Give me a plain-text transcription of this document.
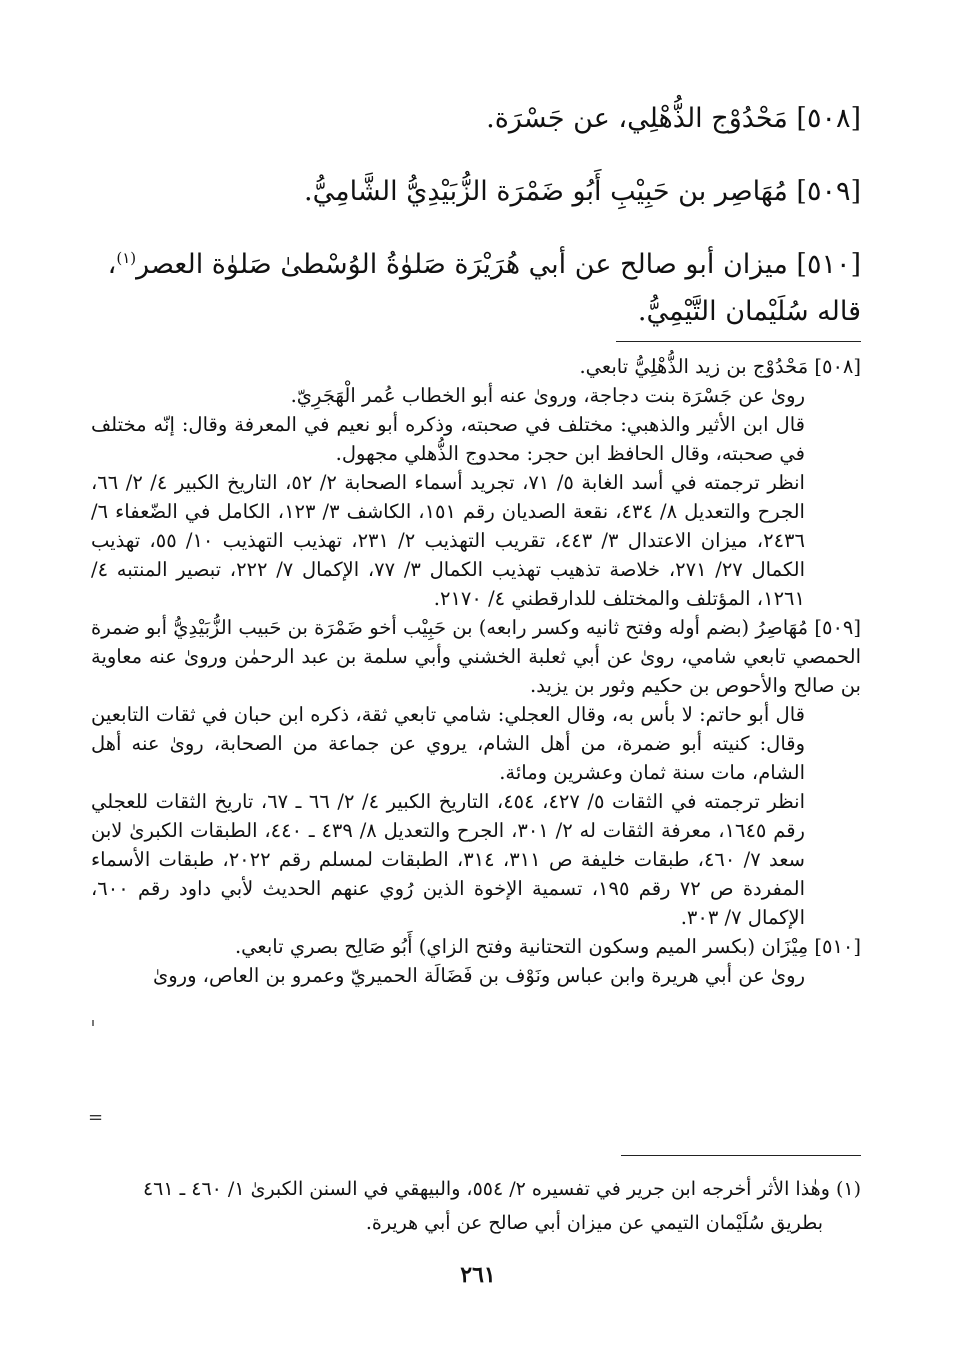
[٥٠٨] مَحْدُوْج الذُّهْلِي، عن جَسْرَة.

[٥٠٩] مُهَاصِر بن حَبِيْبِ أَبُو ضَمْرَة الزُّبَيْدِيُّ الشَّامِيُّ.

[٥١٠] ميزان أبو صالح عن أبي هُرَيْرَة صَلوٰةُ الوُسْطىٰ صَلوٰة العصر$^{(١)}$،
قاله سُلَيْمان التَّيْمِيُّ.

[٥٠٨] مَحْدُوْج بن زيد الذُّهْلِيُّ تابعي.

رویٰ عن جَسْرَة بنت دجاجة، ورویٰ عنه أبو الخطاب عُمر الْهَجَرِيّ.

قال ابن الأثير والذهبي: مختلف في صحبته، وذكره أبو نعيم في المعرفة وقال: إنّه مختلف في صحبته، وقال الحافظ ابن حجر: محدوج الذُّهلي مجهول.

انظر ترجمته في أسد الغابة ٥/ ٧١، تجريد أسماء الصحابة ٢/ ٥٢، التاريخ الكبير ٤/ ٢/ ٦٦، الجرح والتعديل ٨/ ٤٣٤، نقعة الصديان رقم ١٥١، الكاشف ٣/ ١٢٣، الكامل في الضّعفاء ٦/ ٢٤٣٦، ميزان الاعتدال ٣/ ٤٤٣، تقريب التهذيب ٢/ ٢٣١، تهذيب التهذيب ١٠/ ٥٥، تهذيب الكمال ٢٧/ ٢٧١، خلاصة تذهيب تهذيب الكمال ٣/ ٧٧، الإكمال ٧/ ٢٢٢، تبصير المنتبه ٤/ ١٢٦١، المؤتلف والمختلف للدارقطني ٤/ ٢١٧٠.

[٥٠٩] مُهَاصِرُ (بضم أوله وفتح ثانيه وكسر رابعه) بن حَبِيْب أخو ضَمْرَة بن حَبيب الزُّبَيْدِيُّ أبو ضمرة الحمصي تابعي شامي، رویٰ عن أبي ثعلبة الخشني وأبي سلمة بن عبد الرحمٰن ورویٰ عنه معاوية بن صالح والأحوص بن حكيم وثور بن يزيد.

قال أبو حاتم: لا بأس به، وقال العجلي: شامي تابعي ثقة، ذكره ابن حبان في ثقات التابعين وقال: كنيته أبو ضمرة، من أهل الشام، يروي عن جماعة من الصحابة، رویٰ عنه أهل الشام، مات سنة ثمان وعشرين ومائة.

انظر ترجمته في الثقات ٥/ ٤٢٧، ٤٥٤، التاريخ الكبير ٤/ ٢/ ٦٦ ـ ٦٧، تاريخ الثقات للعجلي رقم ١٦٤٥، معرفة الثقات له ٢/ ٣٠١، الجرح والتعديل ٨/ ٤٣٩ ـ ٤٤٠، الطبقات الكبرىٰ لابن سعد ٧/ ٤٦٠، طبقات خليفة ص ٣١١، ٣١٤، الطبقات لمسلم رقم ٢٠٢٢، طبقات الأسماء المفردة ص ٧٢ رقم ١٩٥، تسمية الإخوة الذين رُوي عنهم الحديث لأبي داود رقم ٦٠٠، الإكمال ٧/ ٣٠٣.

[٥١٠] مِيْزَان (بكسر الميم وسكون التحتانية وفتح الزاي) أَبُو صَالِح بصري تابعي.

رویٰ عن أبي هريرة وابن عباس ونَوْف بن فَضَالَة الحميريّ وعمرو بن العاص، ورویٰ

=

(١) وهٰذا الأثر أخرجه ابن جرير في تفسيره ٢/ ٥٥٤، والبيهقي في السنن الكبرىٰ ١/ ٤٦٠ ـ ٤٦١

بطريق سُلَيْمان التيمي عن ميزان أبي صالح عن أبي هريرة.

٢٦١
